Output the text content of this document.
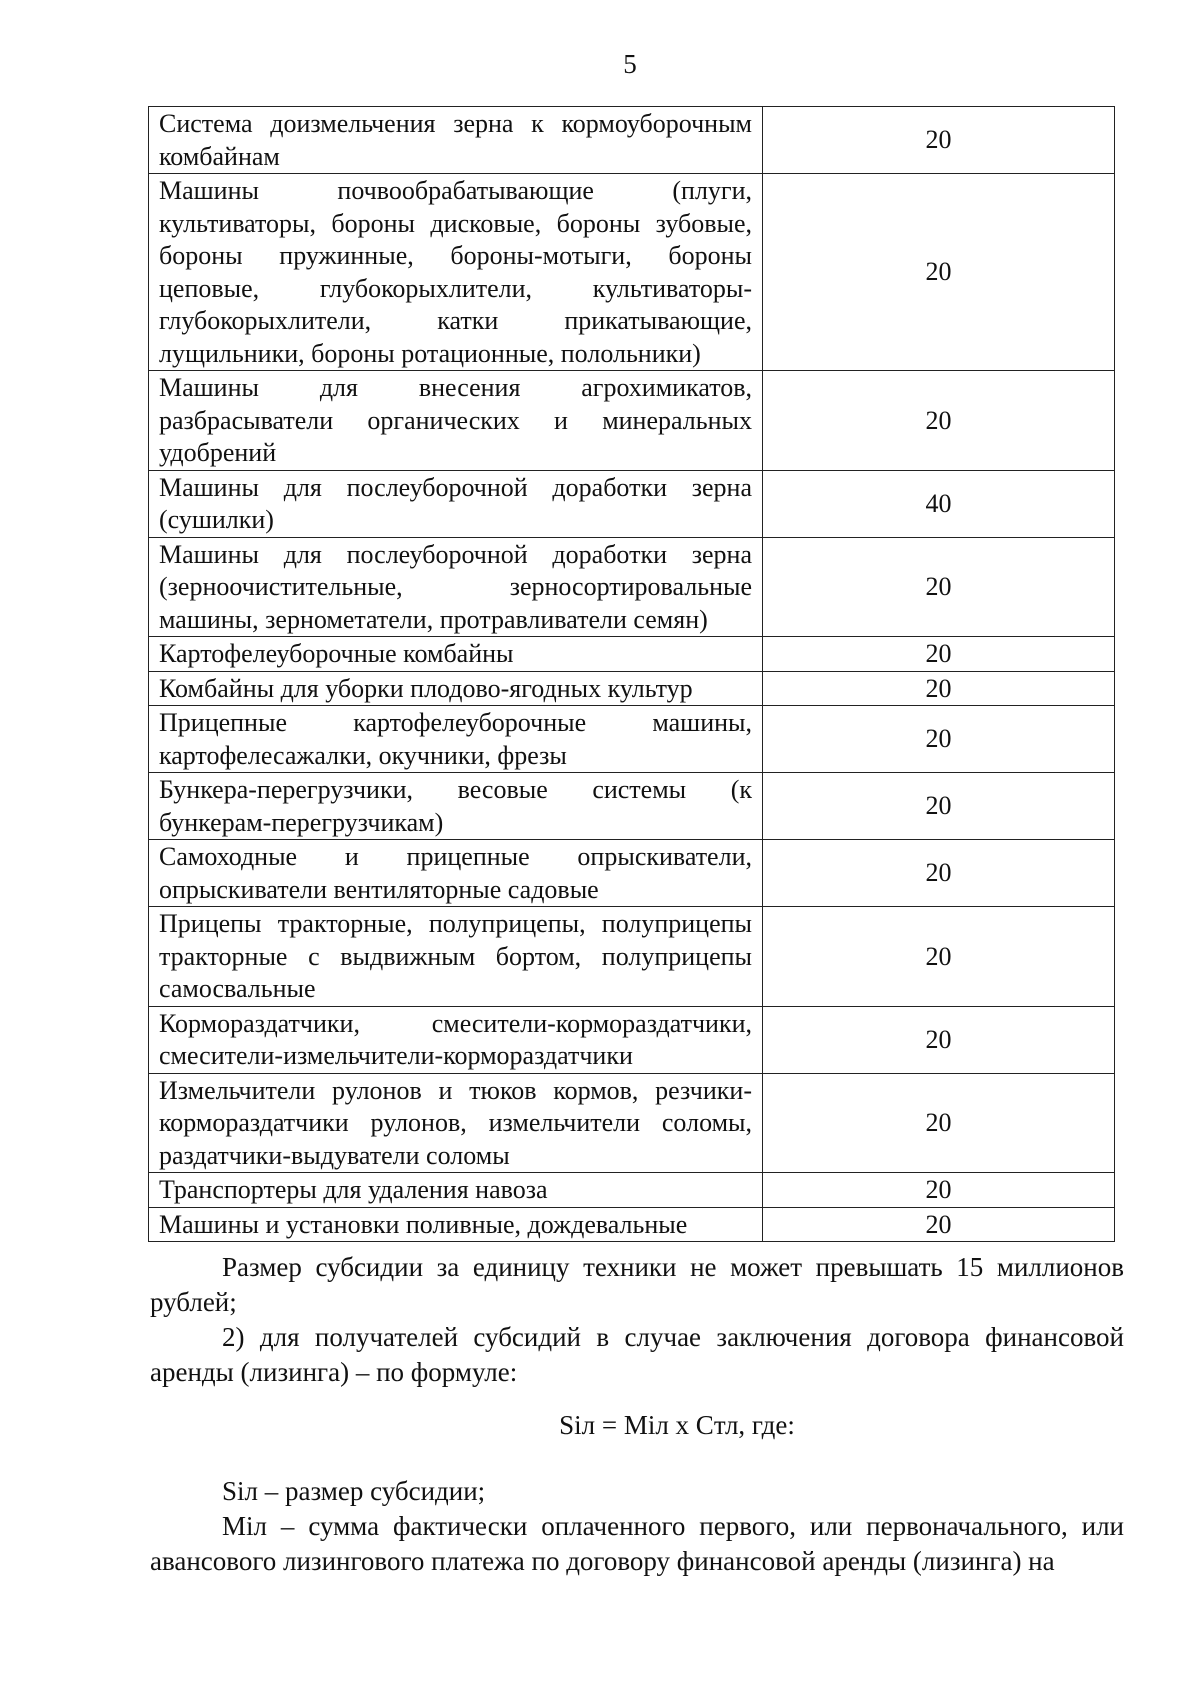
5
Система доизмельчения зерна к кормоуборочным комбайнам	20
Машины почвообрабатывающие (плуги, культиваторы, бороны дисковые, бороны зубовые, бороны пружинные, бороны-мотыги, бороны цеповые, глубокорыхлители, культиваторы-глубокорыхлители, катки прикатывающие, лущильники, бороны ротационные, полольники)	20
Машины для внесения агрохимикатов, разбрасыватели органических и минеральных удобрений	20
Машины для послеуборочной доработки зерна (сушилки)	40
Машины для послеуборочной доработки зерна (зерноочистительные, зерносортировальные машины, зернометатели, протравливатели семян)	20
Картофелеуборочные комбайны	20
Комбайны для уборки плодово-ягодных культур	20
Прицепные картофелеуборочные машины, картофелесажалки, окучники, фрезы	20
Бункера-перегрузчики, весовые системы (к бункерам-перегрузчикам)	20
Самоходные и прицепные опрыскиватели, опрыскиватели вентиляторные садовые	20
Прицепы тракторные, полуприцепы, полуприцепы тракторные с выдвижным бортом, полуприцепы самосвальные	20
Кормораздатчики, смесители-кормораздатчики, смесители-измельчители-кормораздатчики	20
Измельчители рулонов и тюков кормов, резчики-кормораздатчики рулонов, измельчители соломы, раздатчики-выдуватели соломы	20
Транспортеры для удаления навоза	20
Машины и установки поливные, дождевальные	20

Размер субсидии за единицу техники не может превышать 15 миллионов рублей;

2) для получателей субсидий в случае заключения договора финансовой аренды (лизинга) – по формуле:

Siл = Miл x Cтл, где:

Siл – размер субсидии;

Miл – сумма фактически оплаченного первого, или первоначального, или авансового лизингового платежа по договору финансовой аренды (лизинга) на
